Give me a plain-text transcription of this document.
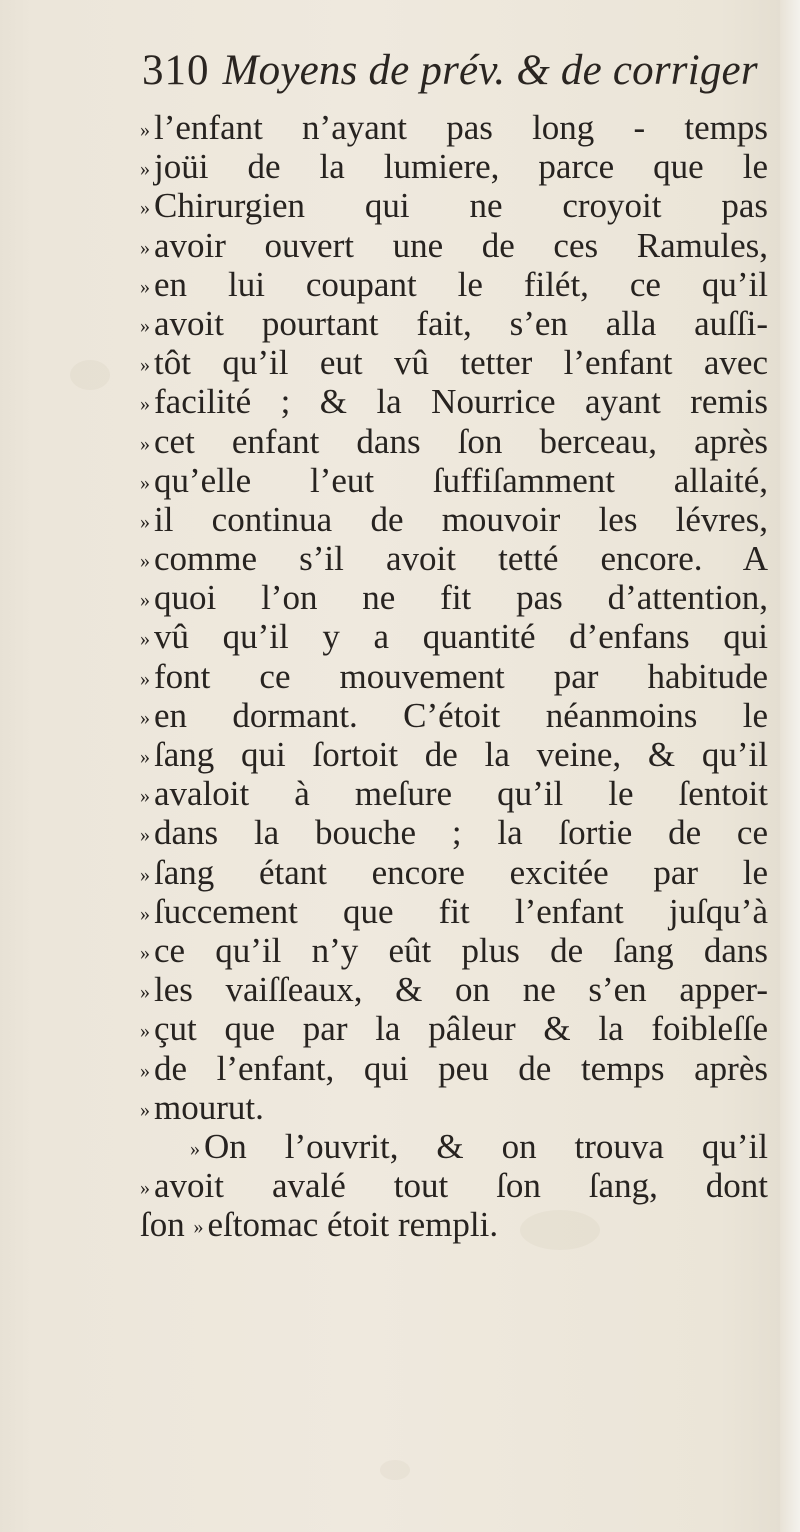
310 Moyens de prév. & de corriger
» l’enfant n’ayant pas long - temps
» joüi de la lumiere, parce que le
» Chirurgien qui ne croyoit pas
» avoir ouvert une de ces Ramules,
» en lui coupant le filét, ce qu’il
» avoit pourtant fait, s’en alla auſſi-
» tôt qu’il eut vû tetter l’enfant avec
» facilité ; & la Nourrice ayant remis
» cet enfant dans ſon berceau, après
» qu’elle l’eut ſuffiſamment allaité,
» il continua de mouvoir les lévres,
» comme s’il avoit tetté encore. A
» quoi l’on ne fit pas d’attention,
» vû qu’il y a quantité d’enfans qui
» font ce mouvement par habitude
» en dormant. C’étoit néanmoins le
» ſang qui ſortoit de la veine, & qu’il
» avaloit à meſure qu’il le ſentoit
» dans la bouche ; la ſortie de ce
» ſang étant encore excitée par le
» ſuccement que fit l’enfant juſqu’à
» ce qu’il n’y eût plus de ſang dans
» les vaiſſeaux, & on ne s’en apper-
» çut que par la pâleur & la foibleſſe
» de l’enfant, qui peu de temps après
» mourut.
» On l’ouvrit, & on trouva qu’il
» avoit avalé tout ſon ſang, dont
ſon » eſtomac étoit rempli.
